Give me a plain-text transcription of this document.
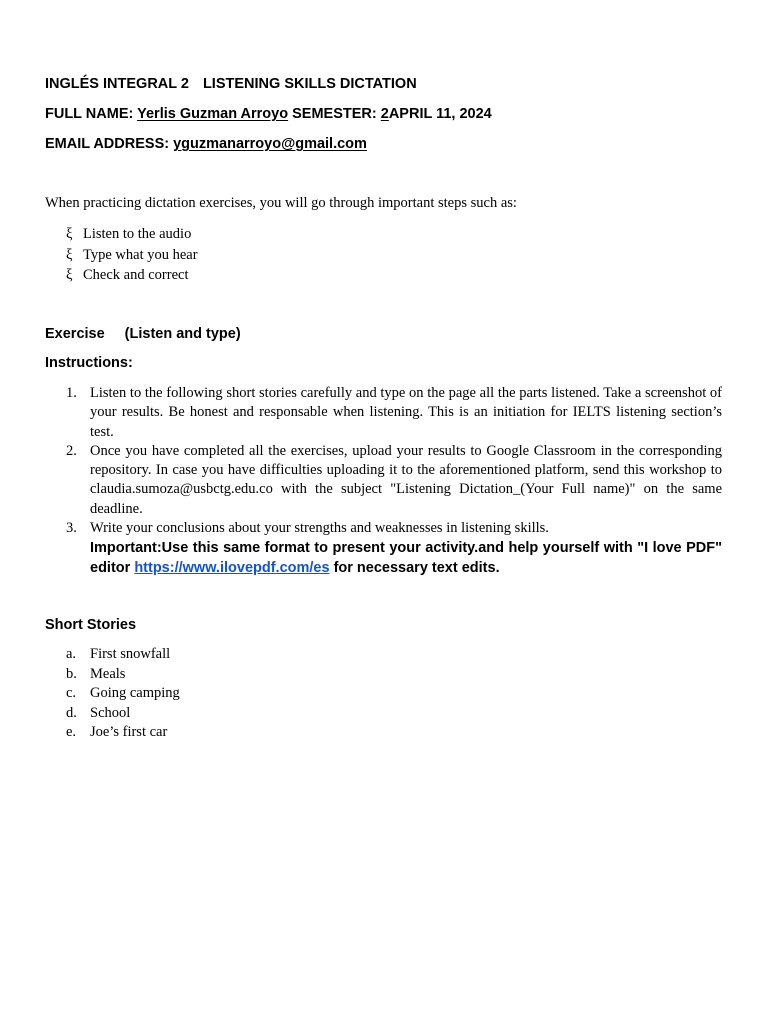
INGLÉS INTEGRAL 2 LISTENING SKILLS DICTATION
FULL NAME: Yerlis Guzman Arroyo SEMESTER: 2APRIL 11, 2024
EMAIL ADDRESS: yguzmanarroyo@gmail.com
When practicing dictation exercises, you will go through important steps such as:
ξ Listen to the audio
ξ Type what you hear
ξ Check and correct
Exercise (Listen and type)
Instructions:
1. Listen to the following short stories carefully and type on the page all the parts listened. Take a screenshot of your results. Be honest and responsable when listening. This is an initiation for IELTS listening section’s test.
2. Once you have completed all the exercises, upload your results to Google Classroom in the corresponding repository. In case you have difficulties uploading it to the aforementioned platform, send this workshop to claudia.sumoza@usbctg.edu.co with the subject "Listening Dictation_(Your Full name)" on the same deadline.
3. Write your conclusions about your strengths and weaknesses in listening skills.
Important:Use this same format to present your activity.and help yourself with "I love PDF" editor https://www.ilovepdf.com/es for necessary text edits.
Short Stories
a. First snowfall
b. Meals
c. Going camping
d. School
e. Joe’s first car
